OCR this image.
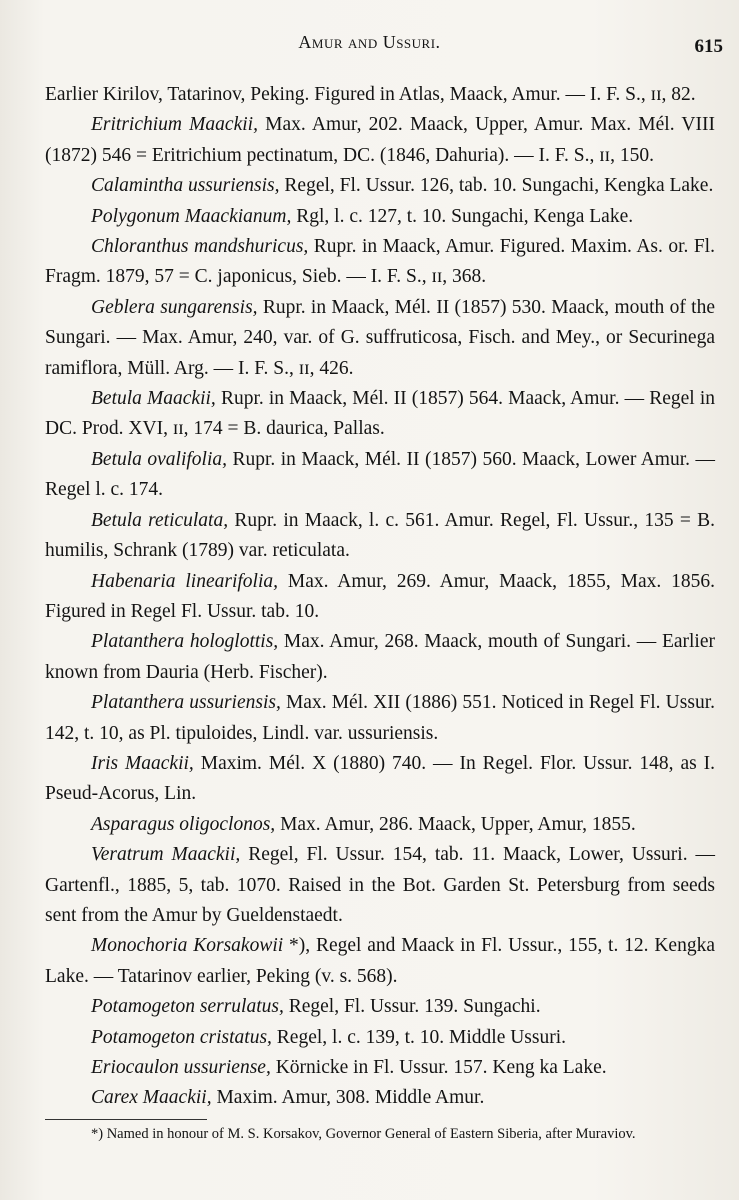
Amur and Ussuri.	615

Earlier Kirilov, Tatarinov, Peking. Figured in Atlas, Maack, Amur. — I. F. S., ɪɪ, 82.

Eritrichium Maackii, Max. Amur, 202. Maack, Upper, Amur. Max. Mél. VIII (1872) 546 = Eritrichium pectinatum, DC. (1846, Dahuria). — I. F. S., ɪɪ, 150.

Calamintha ussuriensis, Regel, Fl. Ussur. 126, tab. 10. Sungachi, Kengka Lake.

Polygonum Maackianum, Rgl, l. c. 127, t. 10. Sungachi, Kenga Lake.

Chloranthus mandshuricus, Rupr. in Maack, Amur. Figured. Maxim. As. or. Fl. Fragm. 1879, 57 = C. japonicus, Sieb. — I. F. S., ɪɪ, 368.

Geblera sungarensis, Rupr. in Maack, Mél. II (1857) 530. Maack, mouth of the Sungari. — Max. Amur, 240, var. of G. suffruticosa, Fisch. and Mey., or Securinega ramiflora, Müll. Arg. — I. F. S., ɪɪ, 426.

Betula Maackii, Rupr. in Maack, Mél. II (1857) 564. Maack, Amur. — Regel in DC. Prod. XVI, ɪɪ, 174 = B. daurica, Pallas.

Betula ovalifolia, Rupr. in Maack, Mél. II (1857) 560. Maack, Lower Amur. — Regel l. c. 174.

Betula reticulata, Rupr. in Maack, l. c. 561. Amur. Regel, Fl. Ussur., 135 = B. humilis, Schrank (1789) var. reticulata.

Habenaria linearifolia, Max. Amur, 269. Amur, Maack, 1855, Max. 1856. Figured in Regel Fl. Ussur. tab. 10.

Platanthera hologlottis, Max. Amur, 268. Maack, mouth of Sungari. — Earlier known from Dauria (Herb. Fischer).

Platanthera ussuriensis, Max. Mél. XII (1886) 551. Noticed in Regel Fl. Ussur. 142, t. 10, as Pl. tipuloides, Lindl. var. ussuriensis.

Iris Maackii, Maxim. Mél. X (1880) 740. — In Regel. Flor. Ussur. 148, as I. Pseud-Acorus, Lin.

Asparagus oligoclonos, Max. Amur, 286. Maack, Upper, Amur, 1855.

Veratrum Maackii, Regel, Fl. Ussur. 154, tab. 11. Maack, Lower, Ussuri. — Gartenfl., 1885, 5, tab. 1070. Raised in the Bot. Garden St. Petersburg from seeds sent from the Amur by Gueldenstaedt.

Monochoria Korsakowii *), Regel and Maack in Fl. Ussur., 155, t. 12. Kengka Lake. — Tatarinov earlier, Peking (v. s. 568).

Potamogeton serrulatus, Regel, Fl. Ussur. 139. Sungachi.

Potamogeton cristatus, Regel, l. c. 139, t. 10. Middle Ussuri.

Eriocaulon ussuriense, Körnicke in Fl. Ussur. 157. Keng ka Lake.

Carex Maackii, Maxim. Amur, 308. Middle Amur.

*) Named in honour of M. S. Korsakov, Governor General of Eastern Siberia, after Muraviov.
